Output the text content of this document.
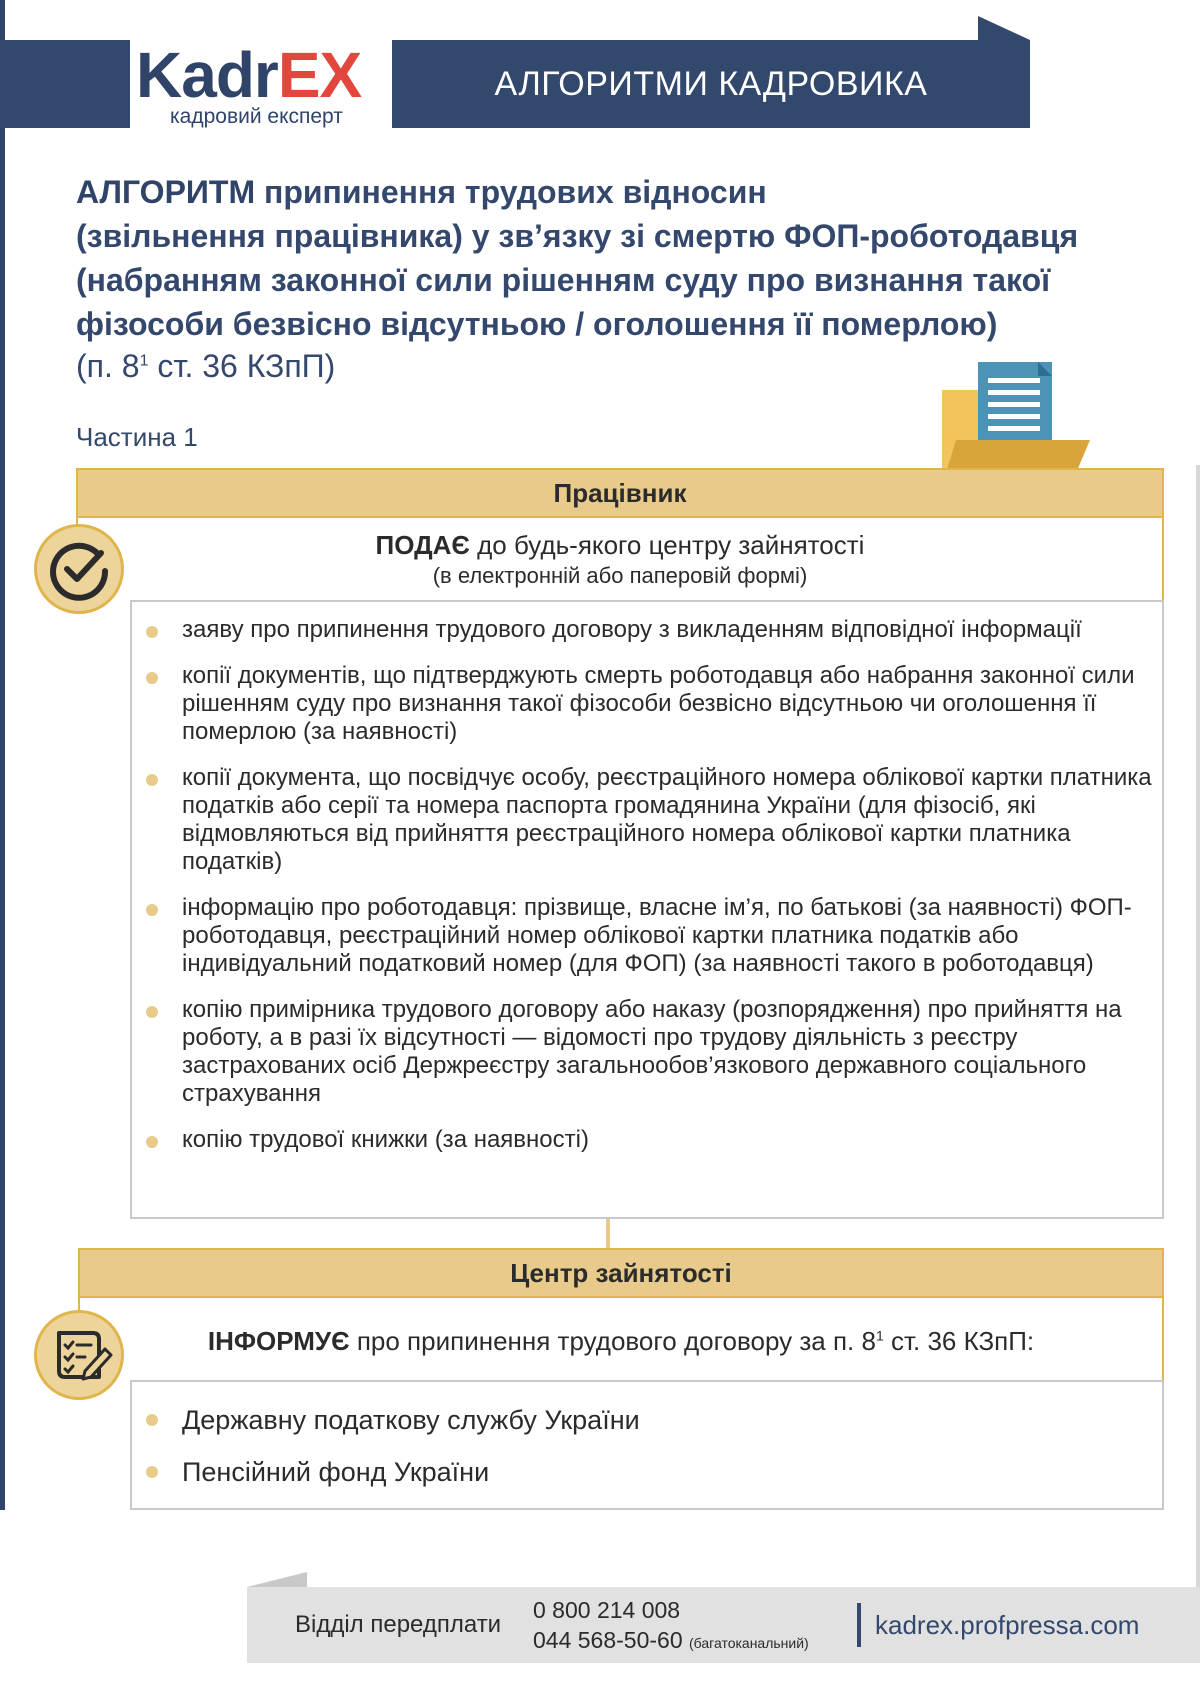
KadrEX
кадровий експерт
АЛГОРИТМИ КАДРОВИКА
АЛГОРИТМ припинення трудових відносин
(звільнення працівника) у зв’язку зі смертю ФОП-роботодавця
(набранням законної сили рішенням суду про визнання такої
фізособи безвісно відсутньою / оголошення її померлою)
(п. $8^1$ ст. 36 КЗпП)
Частина 1
Працівник
ПОДАЄ до будь-якого центру зайнятості
(в електронній або паперовій формі)
заяву про припинення трудового договору з викладенням відповідної інформації
копії документів, що підтверджують смерть роботодавця або набрання законної сили рішенням суду про визнання такої фізособи безвісно відсутньою чи оголошення її померлою (за наявності)
копії документа, що посвідчує особу, реєстраційного номера облікової картки платника податків або серії та номера паспорта громадянина України (для фізосіб, які відмовляються від прийняття реєстраційного номера облікової картки платника податків)
інформацію про роботодавця: прізвище, власне ім’я, по батькові (за наявності) ФОП-роботодавця, реєстраційний номер облікової картки платника податків або індивідуальний податковий номер (для ФОП) (за наявності такого в роботодавця)
копію примірника трудового договору або наказу (розпорядження) про прийняття на роботу, а в разі їх відсутності — відомості про трудову діяльність з реєстру застрахованих осіб Держреєстру загальнообов’язкового державного соціального страхування
копію трудової книжки (за наявності)
Центр зайнятості
ІНФОРМУЄ про припинення трудового договору за п. $8^1$ ст. 36 КЗпП:
Державну податкову службу України
Пенсійний фонд України
Відділ передплати
0 800 214 008
044 568-50-60 (багатоканальний)
kadrex.profpressa.com
